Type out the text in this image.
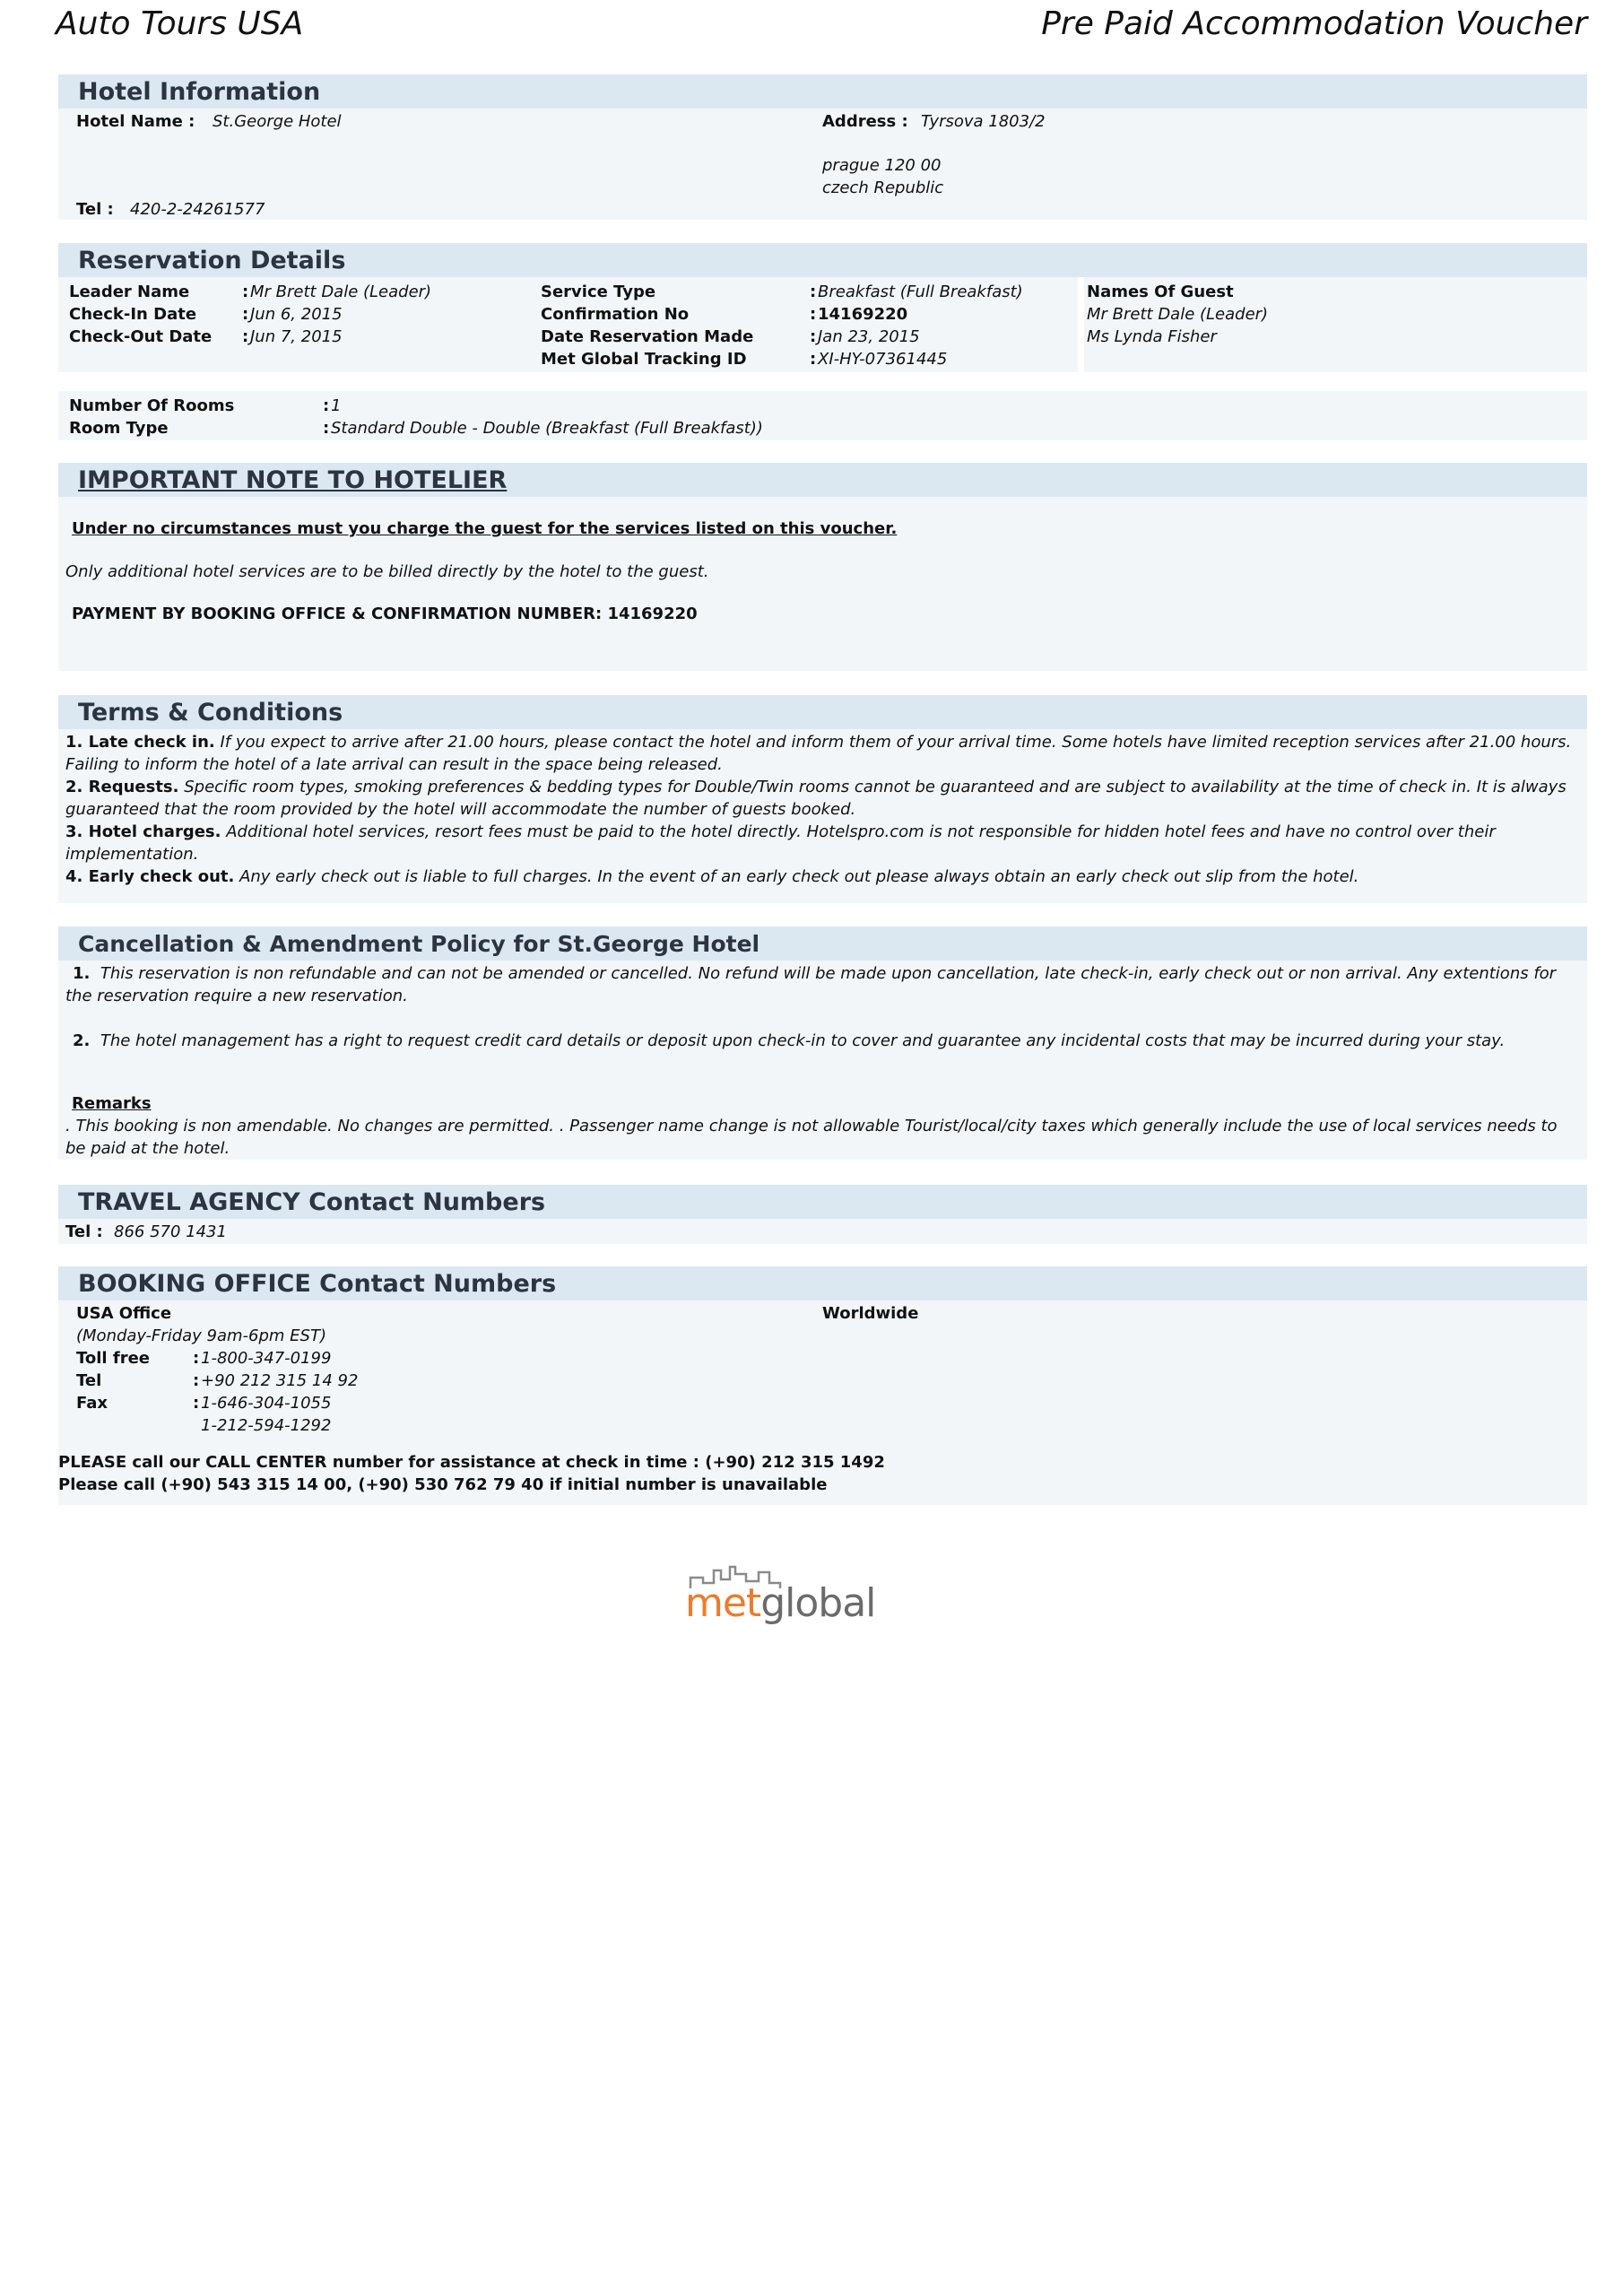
Auto Tours USA	Pre Paid Accommodation Voucher
Hotel Information
Hotel Name : St.George Hotel	Address : Tyrsova 1803/2
prague 120 00
czech Republic
Tel : 420-2-24261577
Reservation Details
Leader Name	: Mr Brett Dale (Leader)
Check-In Date	: Jun 6, 2015
Check-Out Date : Jun 7, 2015
Service Type	: Breakfast (Full Breakfast)
Confirmation No	: 14169220
Date Reservation Made	: Jan 23, 2015
Met Global Tracking ID	: XI-HY-07361445
Names Of Guest
Mr Brett Dale (Leader)
Ms Lynda Fisher
Number Of Rooms	: 1
Room Type	: Standard Double - Double (Breakfast (Full Breakfast))
IMPORTANT NOTE TO HOTELIER
Under no circumstances must you charge the guest for the services listed on this voucher.
Only additional hotel services are to be billed directly by the hotel to the guest.
PAYMENT BY BOOKING OFFICE & CONFIRMATION NUMBER: 14169220
Terms & Conditions
1. Late check in. If you expect to arrive after 21.00 hours, please contact the hotel and inform them of your arrival time. Some hotels have limited reception services after 21.00 hours. Failing to inform the hotel of a late arrival can result in the space being released.
2. Requests. Specific room types, smoking preferences & bedding types for Double/Twin rooms cannot be guaranteed and are subject to availability at the time of check in. It is always guaranteed that the room provided by the hotel will accommodate the number of guests booked.
3. Hotel charges. Additional hotel services, resort fees must be paid to the hotel directly. Hotelspro.com is not responsible for hidden hotel fees and have no control over their implementation.
4. Early check out. Any early check out is liable to full charges. In the event of an early check out please always obtain an early check out slip from the hotel.
Cancellation & Amendment Policy for St.George Hotel
1. This reservation is non refundable and can not be amended or cancelled. No refund will be made upon cancellation, late check-in, early check out or non arrival. Any extentions for the reservation require a new reservation.
2. The hotel management has a right to request credit card details or deposit upon check-in to cover and guarantee any incidental costs that may be incurred during your stay.
Remarks
. This booking is non amendable. No changes are permitted. . Passenger name change is not allowable Tourist/local/city taxes which generally include the use of local services needs to be paid at the hotel.
TRAVEL AGENCY Contact Numbers
Tel : 866 570 1431
BOOKING OFFICE Contact Numbers
USA Office
(Monday-Friday 9am-6pm EST)
Toll free	: 1-800-347-0199
Tel	: +90 212 315 14 92
Fax	: 1-646-304-1055
1-212-594-1292
Worldwide
PLEASE call our CALL CENTER number for assistance at check in time : (+90) 212 315 1492
Please call (+90) 543 315 14 00, (+90) 530 762 79 40 if initial number is unavailable
metglobal
